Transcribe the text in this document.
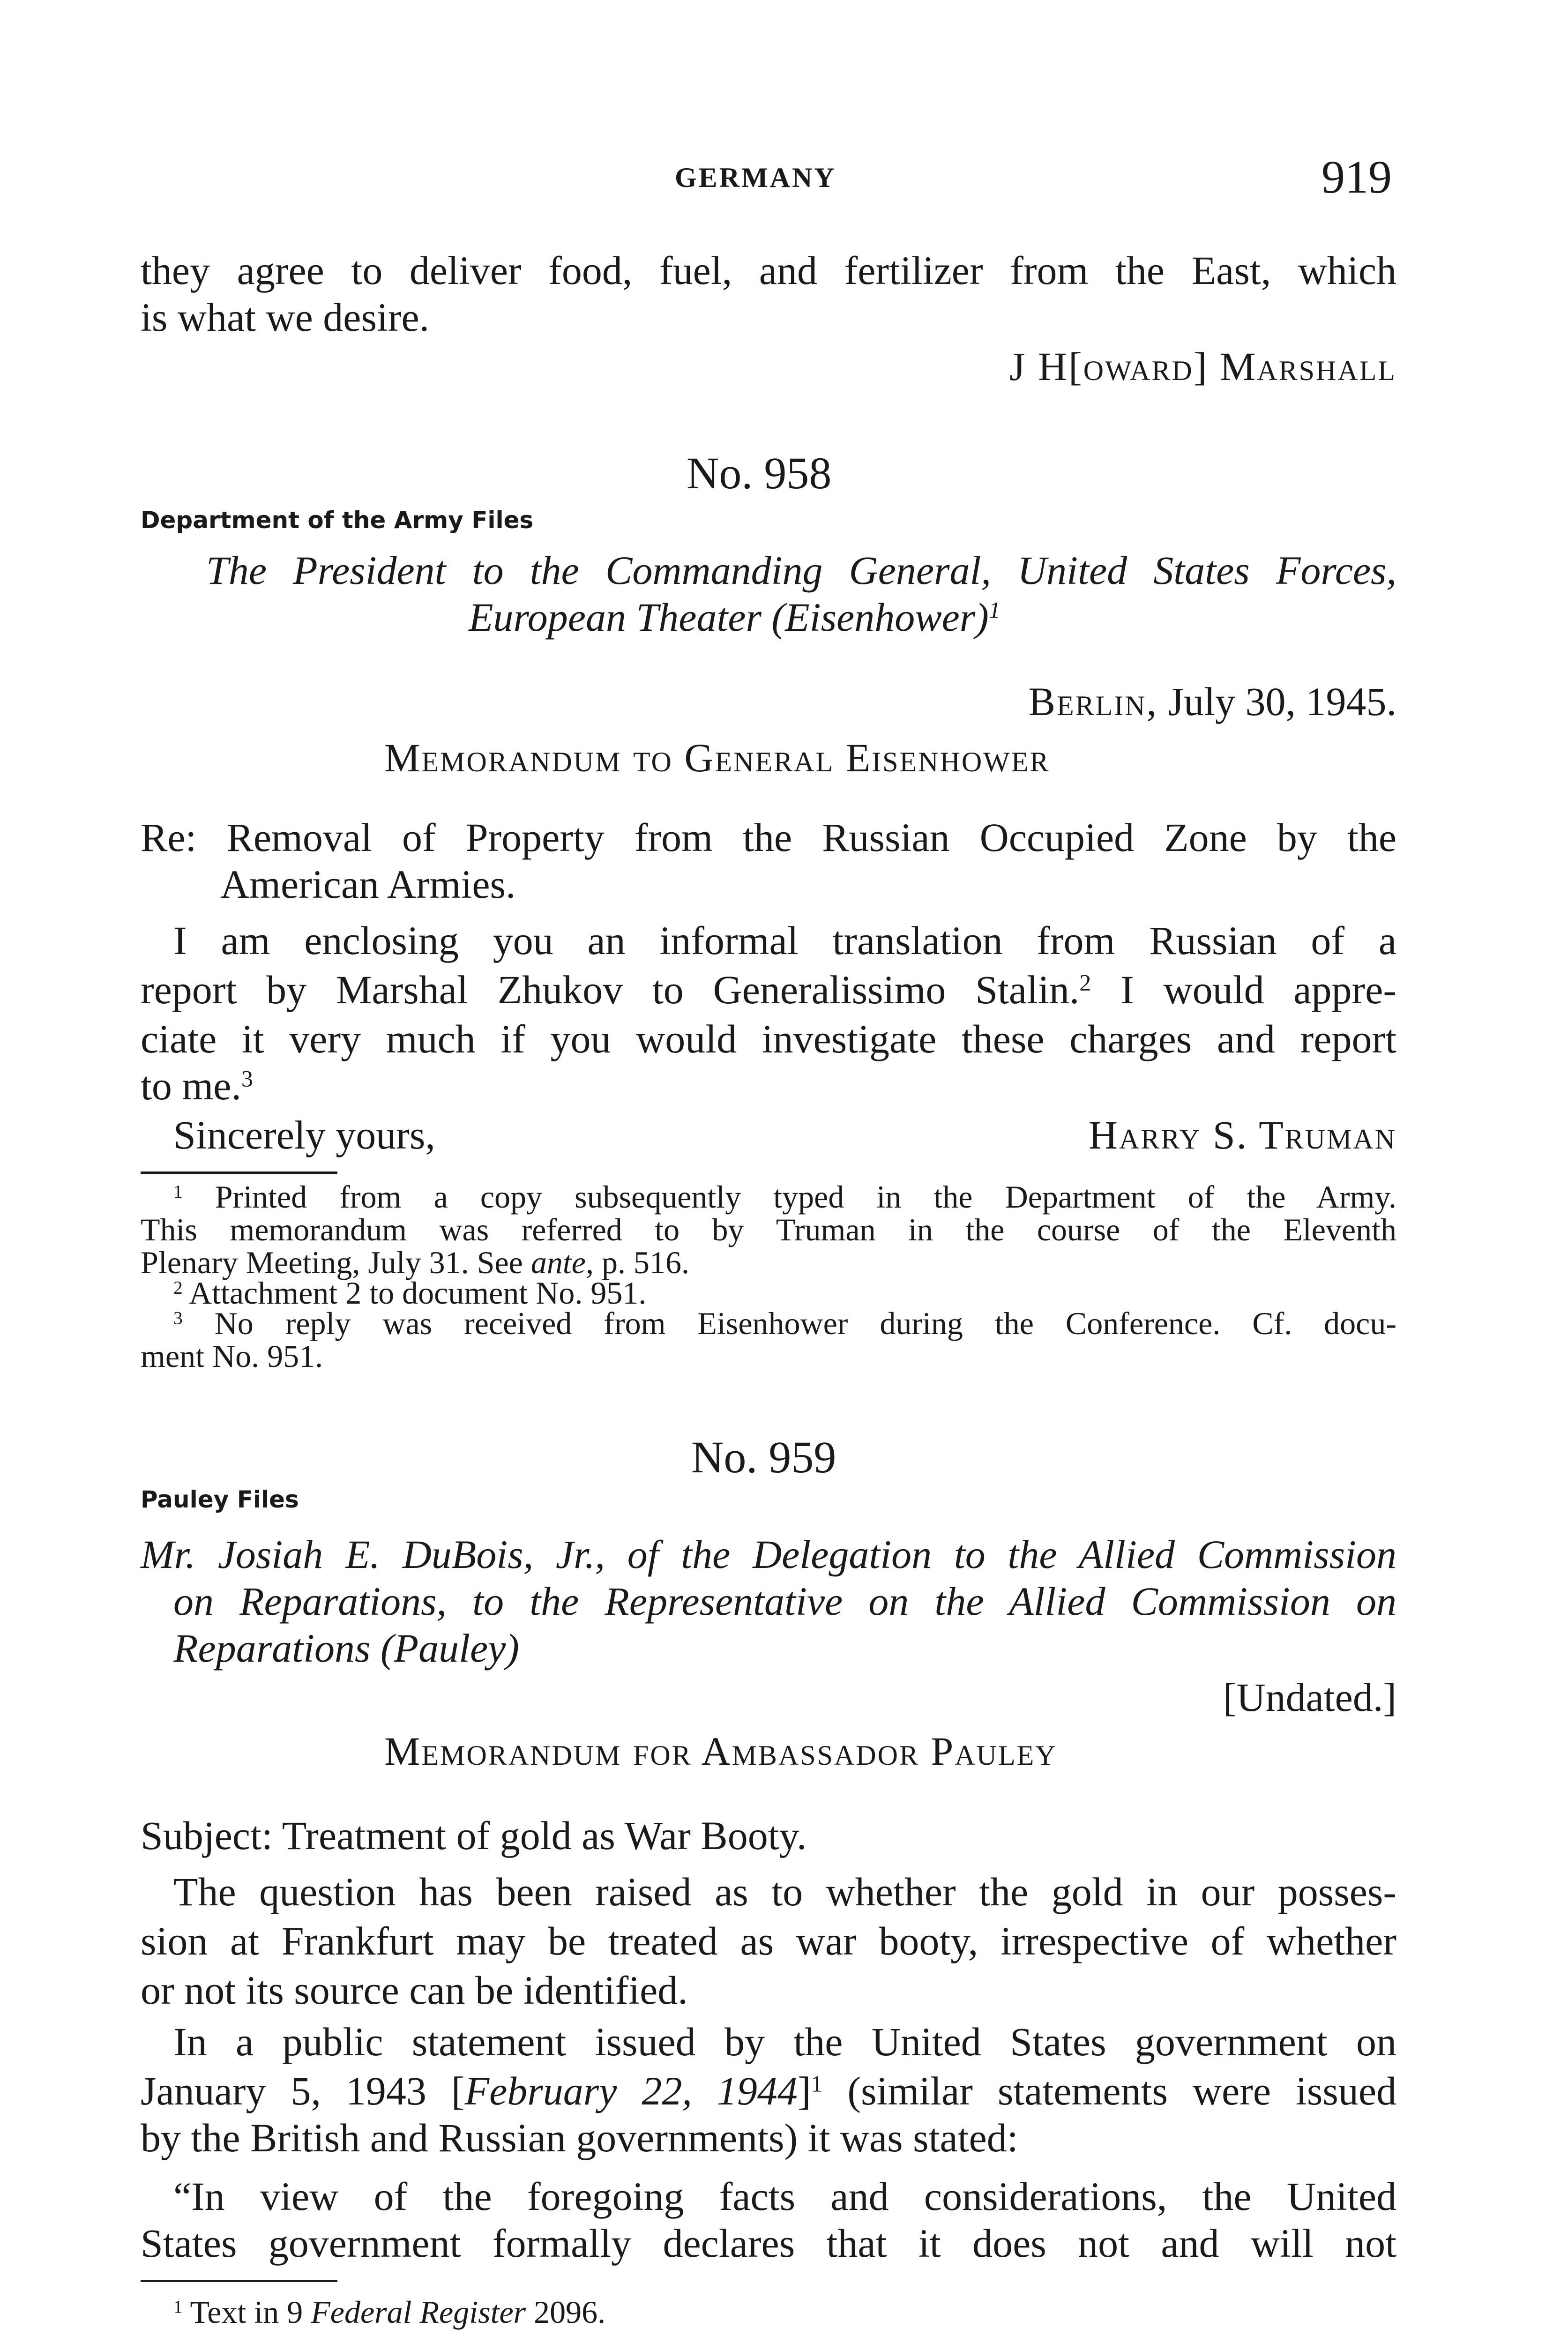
GERMANY	919
they agree to deliver food, fuel, and fertilizer from the East, which
is what we desire.
J H[oward] Marshall
No. 958
Department of the Army Files
The President to the Commanding General, United States Forces,
European Theater (Eisenhower)$^1$
Berlin, July 30, 1945.
Memorandum to General Eisenhower
Re: Removal of Property from the Russian Occupied Zone by the
American Armies.
I am enclosing you an informal translation from Russian of a
report by Marshal Zhukov to Generalissimo Stalin.$^2$ I would appre-
ciate it very much if you would investigate these charges and report
to me.$^3$
Sincerely yours,	Harry S. Truman
$^1$ Printed from a copy subsequently typed in the Department of the Army.
This memorandum was referred to by Truman in the course of the Eleventh
Plenary Meeting, July 31. See ante, p. 516.
$^2$ Attachment 2 to document No. 951.
$^3$ No reply was received from Eisenhower during the Conference. Cf. docu-
ment No. 951.
No. 959
Pauley Files
Mr. Josiah E. DuBois, Jr., of the Delegation to the Allied Commission
on Reparations, to the Representative on the Allied Commission on
Reparations (Pauley)
[Undated.]
Memorandum for Ambassador Pauley
Subject: Treatment of gold as War Booty.
The question has been raised as to whether the gold in our posses-
sion at Frankfurt may be treated as war booty, irrespective of whether
or not its source can be identified.
In a public statement issued by the United States government on
January 5, 1943 [February 22, 1944]$^1$ (similar statements were issued
by the British and Russian governments) it was stated:
“In view of the foregoing facts and considerations, the United
States government formally declares that it does not and will not
$^1$ Text in 9 Federal Register 2096.
